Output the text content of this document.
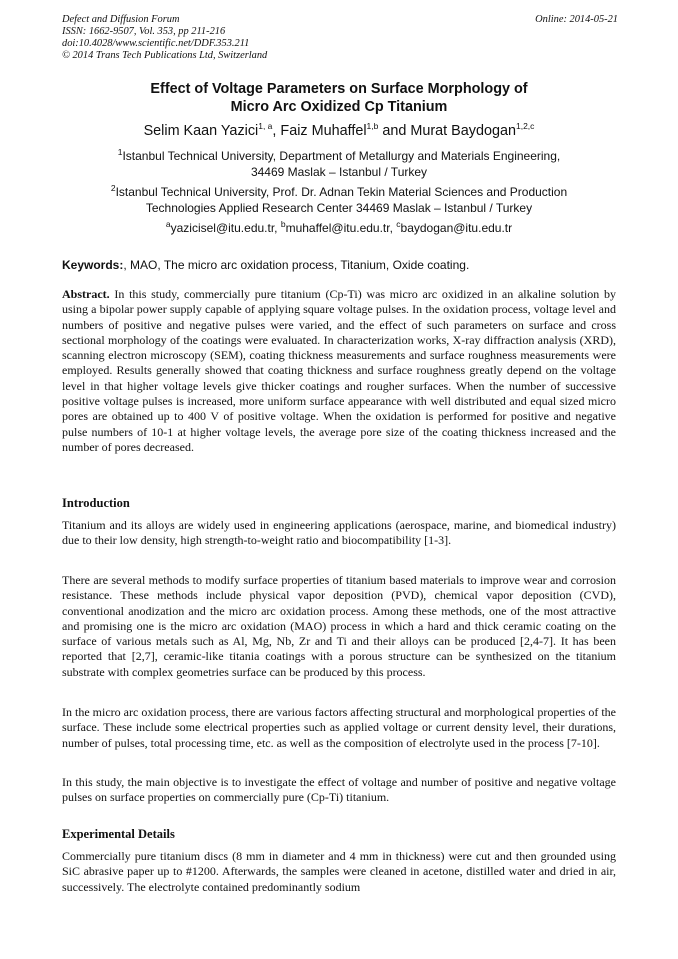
Defect and Diffusion Forum
ISSN: 1662-9507, Vol. 353, pp 211-216
doi:10.4028/www.scientific.net/DDF.353.211
© 2014 Trans Tech Publications Ltd, Switzerland
Online: 2014-05-21
Effect of Voltage Parameters on Surface Morphology of
Micro Arc Oxidized Cp Titanium
Selim Kaan Yazici$^{1, a}$, Faiz Muhaffel$^{1,b}$ and Murat Baydogan$^{1,2,c}$
$^1$Istanbul Technical University, Department of Metallurgy and Materials Engineering,
34469 Maslak – Istanbul / Turkey
$^2$Istanbul Technical University, Prof. Dr. Adnan Tekin Material Sciences and Production
Technologies Applied Research Center 34469 Maslak – Istanbul / Turkey
$^a$yazicisel@itu.edu.tr, $^b$muhaffel@itu.edu.tr, $^c$baydogan@itu.edu.tr
Keywords:, MAO, The micro arc oxidation process, Titanium, Oxide coating.
Abstract. In this study, commercially pure titanium (Cp-Ti) was micro arc oxidized in an alkaline solution by using a bipolar power supply capable of applying square voltage pulses. In the oxidation process, voltage level and numbers of positive and negative pulses were varied, and the effect of such parameters on surface and cross sectional morphology of the coatings were evaluated. In characterization works, X-ray diffraction analysis (XRD), scanning electron microscopy (SEM), coating thickness measurements and surface roughness measurements were employed. Results generally showed that coating thickness and surface roughness greatly depend on the voltage level in that higher voltage levels give thicker coatings and rougher surfaces. When the number of successive positive voltage pulses is increased, more uniform surface appearance with well distributed and equal sized micro pores are obtained up to 400 V of positive voltage. When the oxidation is performed for positive and negative pulse numbers of 10-1 at higher voltage levels, the average pore size of the coating thickness increased and the number of pores decreased.
Introduction
Titanium and its alloys are widely used in engineering applications (aerospace, marine, and biomedical industry) due to their low density, high strength-to-weight ratio and biocompatibility [1-3].
There are several methods to modify surface properties of titanium based materials to improve wear and corrosion resistance. These methods include physical vapor deposition (PVD), chemical vapor deposition (CVD), conventional anodization and the micro arc oxidation process. Among these methods, one of the most attractive and promising one is the micro arc oxidation (MAO) process in which a hard and thick ceramic coating on the surface of various metals such as Al, Mg, Nb, Zr and Ti and their alloys can be produced [2,4-7]. It has been reported that [2,7], ceramic-like titania coatings with a porous structure can be synthesized on the titanium substrate with complex geometries surface can be produced by this process.
In the micro arc oxidation process, there are various factors affecting structural and morphological properties of the surface. These include some electrical properties such as applied voltage or current density level, their durations, number of pulses, total processing time, etc. as well as the composition of electrolyte used in the process [7-10].
In this study, the main objective is to investigate the effect of voltage and number of positive and negative voltage pulses on surface properties on commercially pure (Cp-Ti) titanium.
Experimental Details
Commercially pure titanium discs (8 mm in diameter and 4 mm in thickness) were cut and then grounded using SiC abrasive paper up to #1200. Afterwards, the samples were cleaned in acetone, distilled water and dried in air, successively. The electrolyte contained predominantly sodium
